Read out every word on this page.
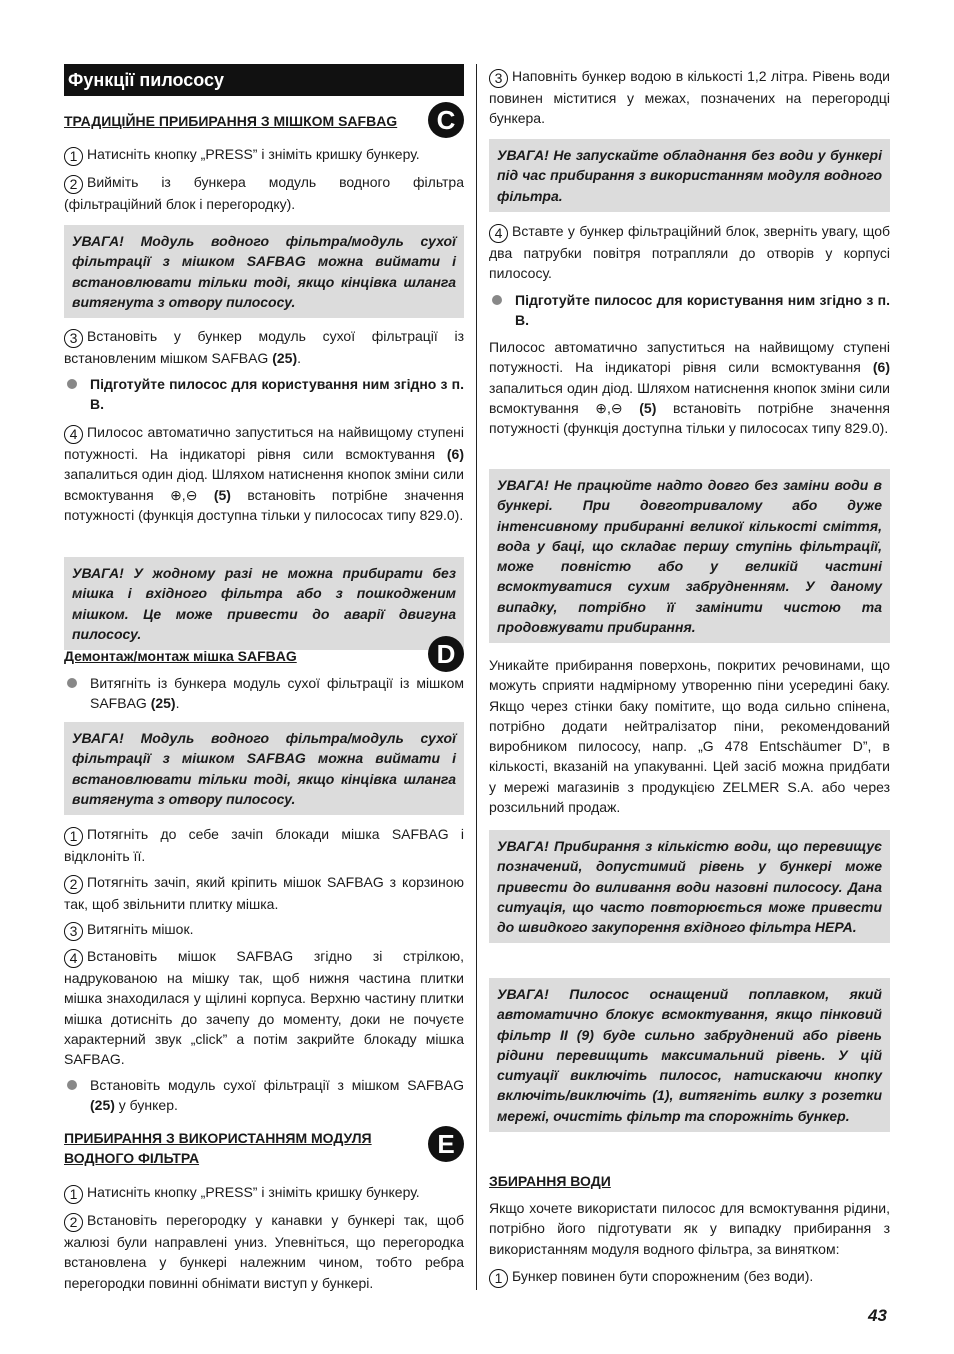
Функції пилососу
ТРАДИЦІЙНЕ ПРИБИРАННЯ З МІШКОМ SAFBAG	C

1 Натисніть кнопку „PRESS” і зніміть кришку бункеру.

2 Вийміть із бункера модуль водного фільтра (фільтраційний блок і перегородку).

УВАГА! Модуль водного фільтра/модуль сухої фільтрації з мішком SAFBAG можна виймати і встановлювати тільки тоді, якщо кінцівка шланга витягнута з отвору пилососу.

3 Встановіть у бункер модуль сухої фільтрації із встановленим мішком SAFBAG (25).

Підготуйте пилосос для користування ним згідно з п. B.

4 Пилосос автоматично запуститься на найвищому ступені потужності. На індикаторі рівня сили всмоктування (6) запалиться один діод. Шляхом натиснення кнопок зміни сили всмоктування ⊕,⊖ (5) встановіть потрібне значення потужності (функція доступна тільки у пилососах типу 829.0).

УВАГА! У жодному разі не можна прибирати без мішка і вхідного фільтра або з пошкодженим мішком. Це може привести до аварії двигуна пилососу.
Демонтаж/монтаж мішка SAFBAG	D
Витягніть із бункера модуль сухої фільтрації із мішком SAFBAG (25).
УВАГА! Модуль водного фільтра/модуль сухої фільтрації з мішком SAFBAG можна виймати і встановлювати тільки тоді, якщо кінцівка шланга витягнута з отвору пилососу.

1 Потягніть до себе зачіп блокади мішка SAFBAG і відклоніть її.

2 Потягніть зачіп, який кріпить мішок SAFBAG з корзиною так, щоб звільнити плитку мішка.

3 Витягніть мішок.

4 Встановіть мішок SAFBAG згідно зі стрілкою, надрукованою на мішку так, щоб нижня частина плитки мішка знаходилася у щілині корпуса. Верхню частину плитки мішка дотисніть до зачепу до моменту, доки не почуєте характерний звук „click” а потім закрийте блокаду мішка SAFBAG.

Встановіть модуль сухої фільтрації з мішком SAFBAG (25) у бункер.
ПРИБИРАННЯ З ВИКОРИСТАННЯМ МОДУЛЯ
ВОДНОГО ФІЛЬТРА	E

1 Натисніть кнопку „PRESS” і зніміть кришку бункеру.

2 Встановіть перегородку у канавки у бункері так, щоб жалюзі були направлені униз. Упевніться, що перегородка встановлена у бункері належним чином, тобто ребра перегородки повинні обнімати виступ у бункері.

3 Наповніть бункер водою в кількості 1,2 літра. Рівень води повинен міститися у межах, позначених на перегородці бункера.

УВАГА! Не запускайте обладнання без води у бункері під час прибирання з використанням модуля водного фільтра.

4 Вставте у бункер фільтраційний блок, зверніть увагу, щоб два патрубки повітря потрапляли до отворів у корпусі пилососу.

Підготуйте пилосос для користування ним згідно з п. B.

Пилосос автоматично запуститься на найвищому ступені потужності. На індикаторі рівня сили всмоктування (6) запалиться один діод. Шляхом натиснення кнопок зміни сили всмоктування ⊕,⊖ (5) встановіть потрібне значення потужності (функція доступна тільки у пилососах типу 829.0).

УВАГА! Не працюйте надто довго без заміни води в бункері. При довготривалому або дуже інтенсивному прибиранні великої кількості сміття, вода у баці, що складає першу ступінь фільтрації, може повністю або у великій частині всмоктуватися сухим забрудненням. У даному випадку, потрібно її замінити чистою та продовжувати прибирання.

Уникайте прибирання поверхонь, покритих речовинами, що можуть сприяти надмірному утворенню піни усередині баку. Якщо через стінки баку помітите, що вода сильно спінена, потрібно додати нейтралізатор піни, рекомендований виробником пилососу, напр. „G 478 Entschäumer D”, в кількості, вказаній на упакуванні. Цей засіб можна придбати у мережі магазинів з продукцією ZELMER S.A. або через розсильний продаж.

УВАГА! Прибирання з кількістю води, що перевищує позначений, допустимий рівень у бункері може привести до виливання води назовні пилососу. Дана ситуація, що часто повторюється може привести до швидкого закупорення вхідного фільтра HEPA.
УВАГА! Пилосос оснащений поплавком, який автоматично блокує всмоктування, якщо пінковий фільтр II (9) буде сильно забруднений або рівень рідини перевищить максимальний рівень. У цій ситуації виключіть пилосос, натискаючи кнопку включіть/виключіть (1), витягніть вилку з розетки мережі, очистіть фільтр та спорожніть бункер.
ЗБИРАННЯ ВОДИ

Якщо хочете використати пилосос для всмоктування рідини, потрібно його підготувати як у випадку прибирання з використанням модуля водного фільтра, за винятком:

1 Бункер повинен бути спорожненим (без води).

43
